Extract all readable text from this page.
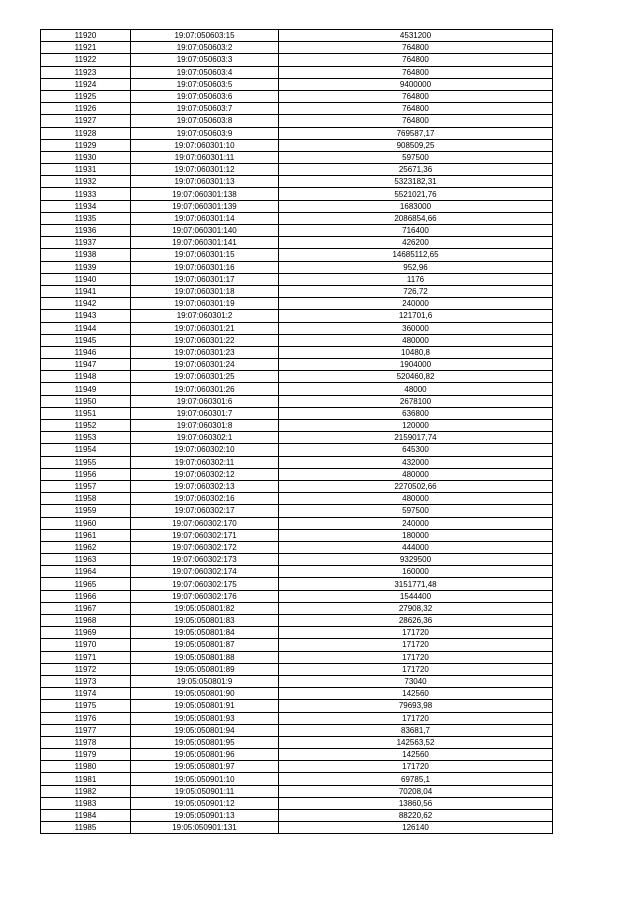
11920	19:07:050603:15	4531200
11921	19:07:050603:2	764800
11922	19:07:050603:3	764800
11923	19:07:050603:4	764800
11924	19:07:050603:5	9400000
11925	19:07:050603:6	764800
11926	19:07:050603:7	764800
11927	19:07:050603:8	764800
11928	19:07:050603:9	769587,17
11929	19:07:060301:10	908509,25
11930	19:07:060301:11	597500
11931	19:07:060301:12	25671,36
11932	19:07:060301:13	5323182,31
11933	19:07:060301:138	5521021,76
11934	19:07:060301:139	1683000
11935	19:07:060301:14	2086854,66
11936	19:07:060301:140	716400
11937	19:07:060301:141	426200
11938	19:07:060301:15	14685112,65
11939	19:07:060301:16	952,96
11940	19:07:060301:17	1176
11941	19:07:060301:18	726,72
11942	19:07:060301:19	240000
11943	19:07:060301:2	121701,6
11944	19:07:060301:21	360000
11945	19:07:060301:22	480000
11946	19:07:060301:23	10480,8
11947	19:07:060301:24	1904000
11948	19:07:060301:25	520460,82
11949	19:07:060301:26	48000
11950	19:07:060301:6	2678100
11951	19:07:060301:7	636800
11952	19:07:060301:8	120000
11953	19:07:060302:1	2159017,74
11954	19:07:060302:10	645300
11955	19:07:060302:11	432000
11956	19:07:060302:12	480000
11957	19:07:060302:13	2270502,66
11958	19:07:060302:16	480000
11959	19:07:060302:17	597500
11960	19:07:060302:170	240000
11961	19:07:060302:171	180000
11962	19:07:060302:172	444000
11963	19:07:060302:173	9329500
11964	19:07:060302:174	160000
11965	19:07:060302:175	3151771,48
11966	19:07:060302:176	1544400
11967	19:05:050801:82	27908,32
11968	19:05:050801:83	28626,36
11969	19:05:050801:84	171720
11970	19:05:050801:87	171720
11971	19:05:050801:88	171720
11972	19:05:050801:89	171720
11973	19:05:050801:9	73040
11974	19:05:050801:90	142560
11975	19:05:050801:91	79693,98
11976	19:05:050801:93	171720
11977	19:05:050801:94	83681,7
11978	19:05:050801:95	142563,52
11979	19:05:050801:96	142560
11980	19:05:050801:97	171720
11981	19:05:050901:10	69785,1
11982	19:05:050901:11	70208,04
11983	19:05:050901:12	13860,56
11984	19:05:050901:13	88220,62
11985	19:05:050901:131	126140
